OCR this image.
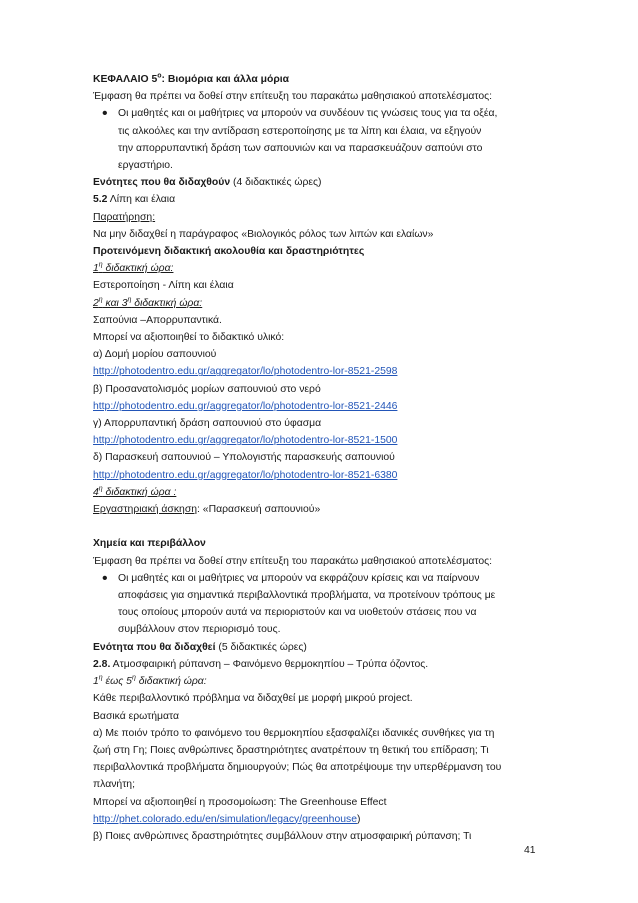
ΚΕΦΑΛΑΙΟ $5^o$: Βιομόρια και άλλα μόρια

Έμφαση θα πρέπει να δοθεί στην επίτευξη του παρακάτω μαθησιακού αποτελέσματος:

• Οι μαθητές και οι μαθήτριες να μπορούν να συνδέουν τις γνώσεις τους για τα οξέα,

τις αλκοόλες και την αντίδραση εστεροποίησης με τα λίπη και έλαια, να εξηγούν

την απορρυπαντική δράση των σαπουνιών και να παρασκευάζουν σαπούνι στο

εργαστήριο.

Ενότητες που θα διδαχθούν (4 διδακτικές ώρες)

5.2 Λίπη και έλαια

Παρατήρηση:

Να μην διδαχθεί η παράγραφος «Βιολογικός ρόλος των λιπών και ελαίων»

Προτεινόμενη διδακτική ακολουθία και δραστηριότητες

$1^\eta$ διδακτική ώρα:

Εστεροποίηση - Λίπη και έλαια

$2^\eta$ και $3^\eta$ διδακτική ώρα:

Σαπούνια –Απορρυπαντικά.

Μπορεί να αξιοποιηθεί το διδακτικό υλικό:

α) Δομή μορίου σαπουνιού

http://photodentro.edu.gr/aggregator/lo/photodentro-lor-8521-2598

β) Προσανατολισμός μορίων σαπουνιού στο νερό

http://photodentro.edu.gr/aggregator/lo/photodentro-lor-8521-2446

γ) Απορρυπαντική δράση σαπουνιού στο ύφασμα

http://photodentro.edu.gr/aggregator/lo/photodentro-lor-8521-1500

δ) Παρασκευή σαπουνιού – Υπολογιστής παρασκευής σαπουνιού

http://photodentro.edu.gr/aggregator/lo/photodentro-lor-8521-6380

$4^\eta$ διδακτική ώρα :

Εργαστηριακή άσκηση: «Παρασκευή σαπουνιού»

Χημεία και περιβάλλον

Έμφαση θα πρέπει να δοθεί στην επίτευξη του παρακάτω μαθησιακού αποτελέσματος:

• Οι μαθητές και οι μαθήτριες να μπορούν να εκφράζουν κρίσεις και να παίρνουν

αποφάσεις για σημαντικά περιβαλλοντικά προβλήματα, να προτείνουν τρόπους με

τους οποίους μπορούν αυτά να περιοριστούν και να υιοθετούν στάσεις που να

συμβάλλουν στον περιορισμό τους.

Ενότητα που θα διδαχθεί (5 διδακτικές ώρες)

2.8. Ατμοσφαιρική ρύπανση – Φαινόμενο θερμοκηπίου – Τρύπα όζοντος.

$1^\eta$ έως $5^\eta$ διδακτική ώρα:

Κάθε περιβαλλοντικό πρόβλημα να διδαχθεί με μορφή μικρού project.

Βασικά ερωτήματα

α) Με ποιόν τρόπο το φαινόμενο του θερμοκηπίου εξασφαλίζει ιδανικές συνθήκες για τη

ζωή στη Γη; Ποιες ανθρώπινες δραστηριότητες ανατρέπουν τη θετική του επίδραση; Τι

περιβαλλοντικά προβλήματα δημιουργούν; Πώς θα αποτρέψουμε την υπερθέρμανση του

πλανήτη;

Μπορεί να αξιοποιηθεί η προσομοίωση: The Greenhouse Effect

http://phet.colorado.edu/en/simulation/legacy/greenhouse)

β) Ποιες ανθρώπινες δραστηριότητες συμβάλλουν στην ατμοσφαιρική ρύπανση; Τι

41
